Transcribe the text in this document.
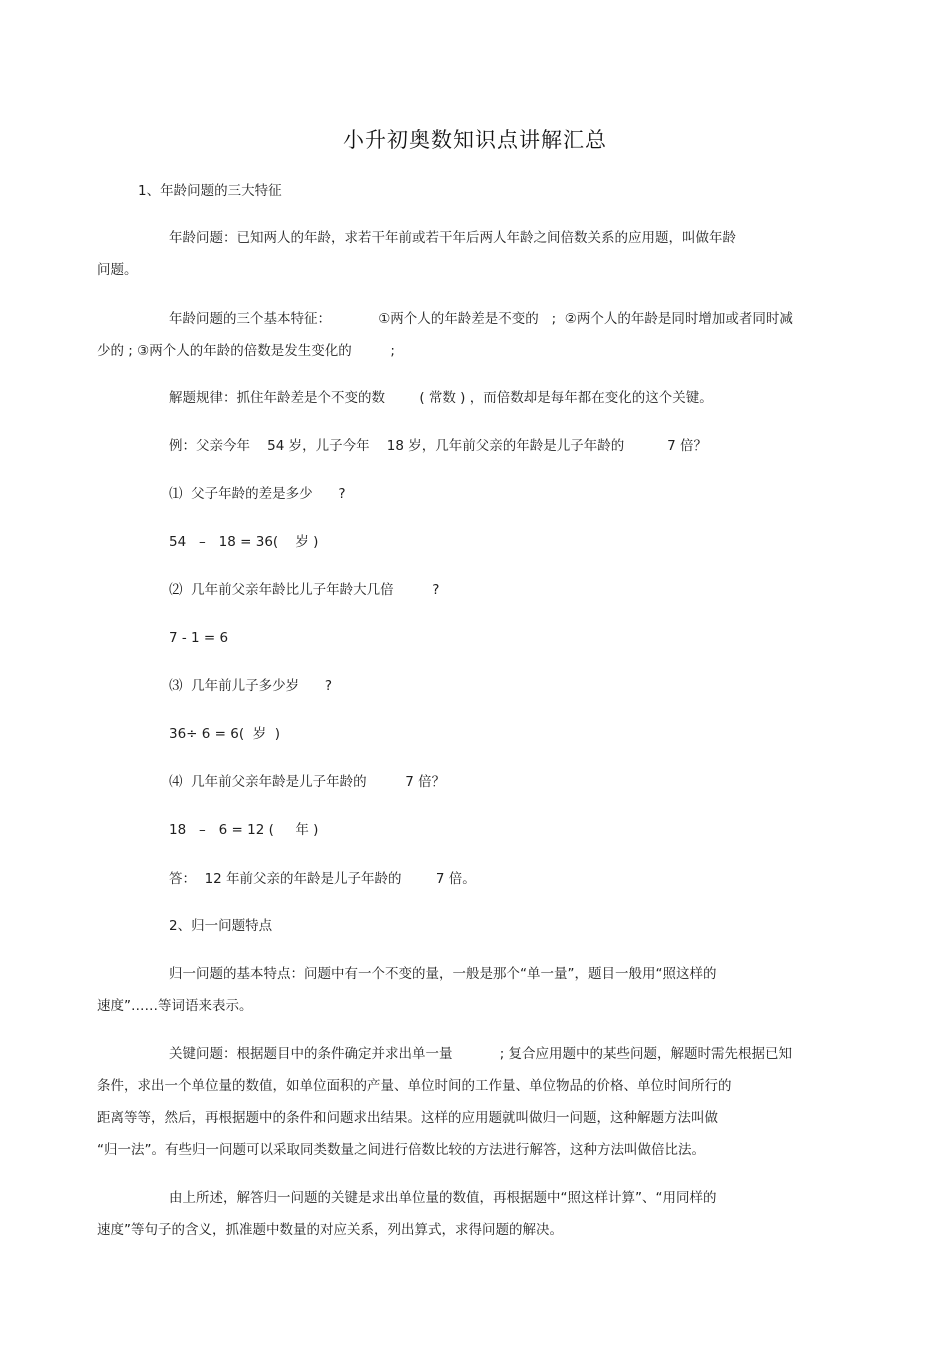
小升初奥数知识点讲解汇总
1、年龄问题的三大特征
年龄问题：已知两人的年龄，求若干年前或若干年后两人年龄之间倍数关系的应用题，叫做年龄
问题。
年龄问题的三个基本特征：           ①两个人的年龄差是不变的   ;  ②两个人的年龄是同时增加或者同时减
少的 ; ③两个人的年龄的倍数是发生变化的         ;
解题规律：抓住年龄差是个不变的数        ( 常数 ) ，而倍数却是每年都在变化的这个关键。
例：父亲今年    54 岁，儿子今年    18 岁，几年前父亲的年龄是儿子年龄的          7 倍？
⑴  父子年龄的差是多少      ?
54   –   18 = 36(    岁 )
⑵  几年前父亲年龄比儿子年龄大几倍         ?
7 - 1 = 6
⑶  几年前儿子多少岁      ?
36÷ 6 = 6(  岁  )
⑷  几年前父亲年龄是儿子年龄的         7 倍？
18   –   6 = 12 (     年 )
答：  12 年前父亲的年龄是儿子年龄的        7 倍。
2、归一问题特点
归一问题的基本特点：问题中有一个不变的量，一般是那个“单一量”，题目一般用“照这样的
速度”……等词语来表示。
关键问题：根据题目中的条件确定并求出单一量           ; 复合应用题中的某些问题，解题时需先根据已知
条件，求出一个单位量的数值，如单位面积的产量、单位时间的工作量、单位物品的价格、单位时间所行的
距离等等，然后，再根据题中的条件和问题求出结果。这样的应用题就叫做归一问题，这种解题方法叫做
“归一法”。有些归一问题可以采取同类数量之间进行倍数比较的方法进行解答，这种方法叫做倍比法。
由上所述，解答归一问题的关键是求出单位量的数值，再根据题中“照这样计算”、“用同样的
速度”等句子的含义，抓准题中数量的对应关系，列出算式，求得问题的解决。
